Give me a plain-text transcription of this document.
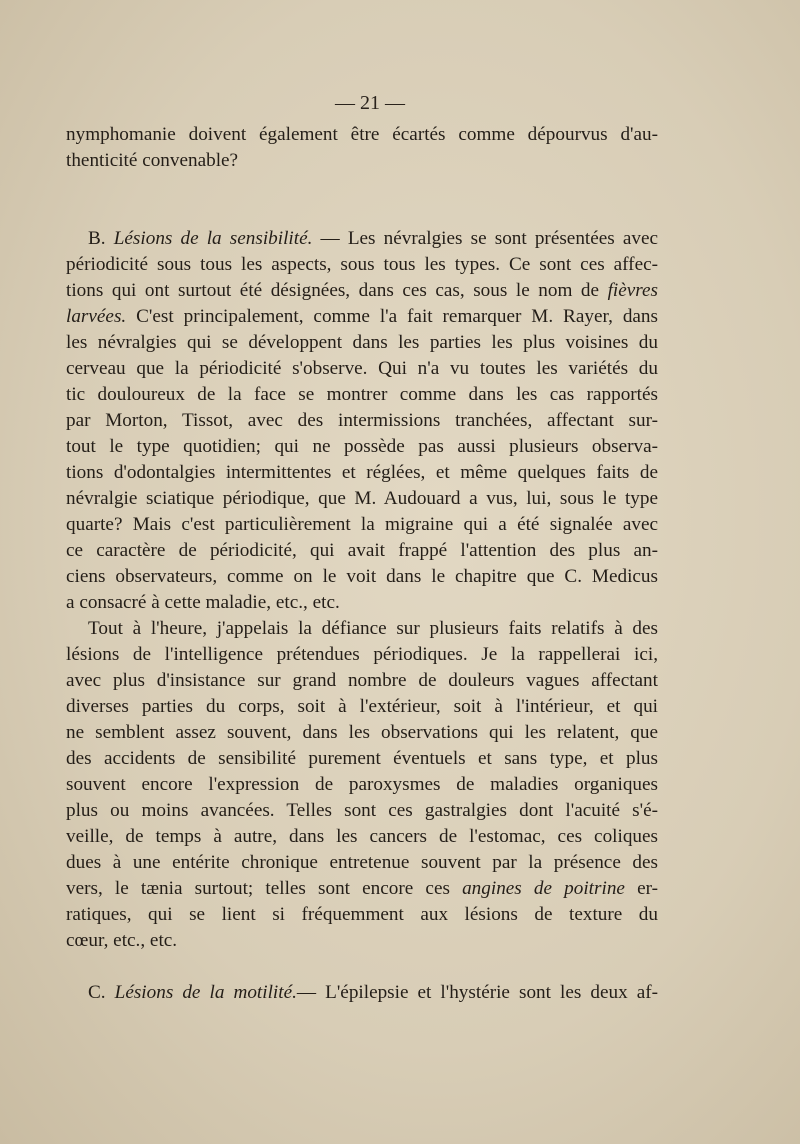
— 21 —
nymphomanie doivent également être écartés comme dépourvus d'au-
thenticité convenable?
B. Lésions de la sensibilité. — Les névralgies se sont présentées avec
périodicité sous tous les aspects, sous tous les types. Ce sont ces affec-
tions qui ont surtout été désignées, dans ces cas, sous le nom de fièvres
larvées. C'est principalement, comme l'a fait remarquer M. Rayer, dans
les névralgies qui se développent dans les parties les plus voisines du
cerveau que la périodicité s'observe. Qui n'a vu toutes les variétés du
tic douloureux de la face se montrer comme dans les cas rapportés
par Morton, Tissot, avec des intermissions tranchées, affectant sur-
tout le type quotidien; qui ne possède pas aussi plusieurs observa-
tions d'odontalgies intermittentes et réglées, et même quelques faits de
névralgie sciatique périodique, que M. Audouard a vus, lui, sous le type
quarte? Mais c'est particulièrement la migraine qui a été signalée avec
ce caractère de périodicité, qui avait frappé l'attention des plus an-
ciens observateurs, comme on le voit dans le chapitre que C. Medicus
a consacré à cette maladie, etc., etc.
Tout à l'heure, j'appelais la défiance sur plusieurs faits relatifs à des
lésions de l'intelligence prétendues périodiques. Je la rappellerai ici,
avec plus d'insistance sur grand nombre de douleurs vagues affectant
diverses parties du corps, soit à l'extérieur, soit à l'intérieur, et qui
ne semblent assez souvent, dans les observations qui les relatent, que
des accidents de sensibilité purement éventuels et sans type, et plus
souvent encore l'expression de paroxysmes de maladies organiques
plus ou moins avancées. Telles sont ces gastralgies dont l'acuité s'é-
veille, de temps à autre, dans les cancers de l'estomac, ces coliques
dues à une entérite chronique entretenue souvent par la présence des
vers, le tænia surtout; telles sont encore ces angines de poitrine er-
ratiques, qui se lient si fréquemment aux lésions de texture du
cœur, etc., etc.
C. Lésions de la motilité.— L'épilepsie et l'hystérie sont les deux af-
